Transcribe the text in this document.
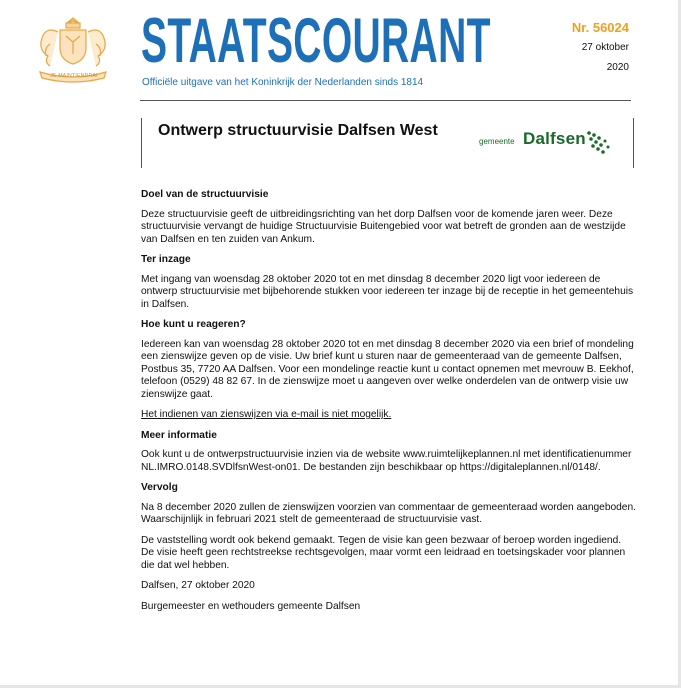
JE MAINTIENDRAI STAATSCOURANT
Officiële uitgave van het Koninkrijk der Nederlanden sinds 1814
Nr. 56024
27 oktober
2020
Ontwerp structuurvisie Dalfsen West
gemeente Dalfsen
Doel van de structuurvisie

Deze structuurvisie geeft de uitbreidingsrichting van het dorp Dalfsen voor de komende jaren weer. Deze structuurvisie vervangt de huidige Structuurvisie Buitengebied voor wat betreft de gronden aan de westzijde van Dalfsen en ten zuiden van Ankum.

Ter inzage

Met ingang van woensdag 28 oktober 2020 tot en met dinsdag 8 december 2020 ligt voor iedereen de ontwerp structuurvisie met bijbehorende stukken voor iedereen ter inzage bij de receptie in het gemeentehuis in Dalfsen.

Hoe kunt u reageren?

Iedereen kan van woensdag 28 oktober 2020 tot en met dinsdag 8 december 2020 via een brief of mondeling een zienswijze geven op de visie. Uw brief kunt u sturen naar de gemeenteraad van de gemeente Dalfsen, Postbus 35, 7720 AA Dalfsen. Voor een mondelinge reactie kunt u contact opnemen met mevrouw B. Eekhof, telefoon (0529) 48 82 67. In de zienswijze moet u aangeven over welke onderdelen van de ontwerp visie uw zienswijze gaat.

Het indienen van zienswijzen via e-mail is niet mogelijk.

Meer informatie

Ook kunt u de ontwerpstructuurvisie inzien via de website www.ruimtelijkeplannen.nl met identificatienummer NL.IMRO.0148.SVDlfsnWest-on01. De bestanden zijn beschikbaar op https://digitaleplannen.nl/0148/.

Vervolg

Na 8 december 2020 zullen de zienswijzen voorzien van commentaar de gemeenteraad worden aangeboden. Waarschijnlijk in februari 2021 stelt de gemeenteraad de structuurvisie vast.

De vaststelling wordt ook bekend gemaakt. Tegen de visie kan geen bezwaar of beroep worden ingediend. De visie heeft geen rechtstreekse rechtsgevolgen, maar vormt een leidraad en toetsingskader voor plannen die dat wel hebben.

Dalfsen, 27 oktober 2020

Burgemeester en wethouders gemeente Dalfsen
